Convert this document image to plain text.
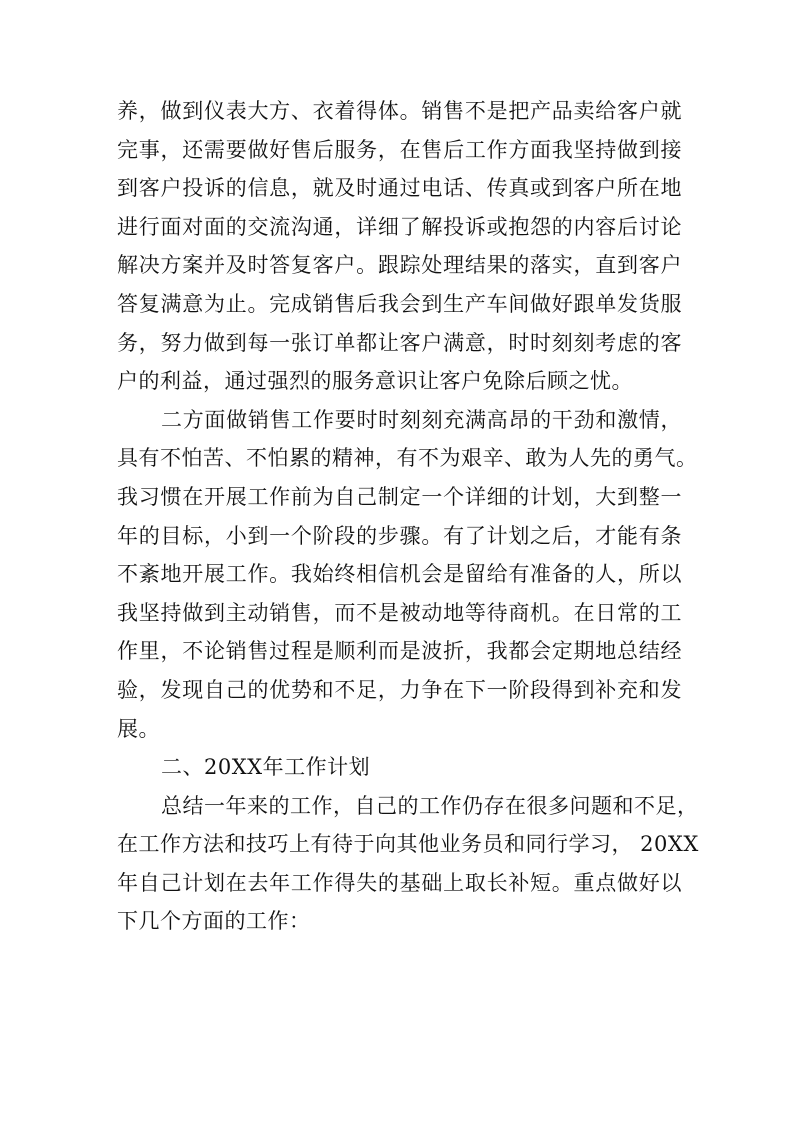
养，做到仪表大方、衣着得体。销售不是把产品卖给客户就
完事，还需要做好售后服务，在售后工作方面我坚持做到接
到客户投诉的信息，就及时通过电话、传真或到客户所在地
进行面对面的交流沟通，详细了解投诉或抱怨的内容后讨论
解决方案并及时答复客户。跟踪处理结果的落实，直到客户
答复满意为止。完成销售后我会到生产车间做好跟单发货服
务，努力做到每一张订单都让客户满意，时时刻刻考虑的客
户的利益，通过强烈的服务意识让客户免除后顾之忧。
二方面做销售工作要时时刻刻充满高昂的干劲和激情，
具有不怕苦、不怕累的精神，有不为艰辛、敢为人先的勇气。
我习惯在开展工作前为自己制定一个详细的计划，大到整一
年的目标，小到一个阶段的步骤。有了计划之后，才能有条
不紊地开展工作。我始终相信机会是留给有准备的人，所以
我坚持做到主动销售，而不是被动地等待商机。在日常的工
作里，不论销售过程是顺利而是波折，我都会定期地总结经
验，发现自己的优势和不足，力争在下一阶段得到补充和发
展。
二、20XX年工作计划
总结一年来的工作，自己的工作仍存在很多问题和不足，
在工作方法和技巧上有待于向其他业务员和同行学习， 20XX
年自己计划在去年工作得失的基础上取长补短。重点做好以
下几个方面的工作：
